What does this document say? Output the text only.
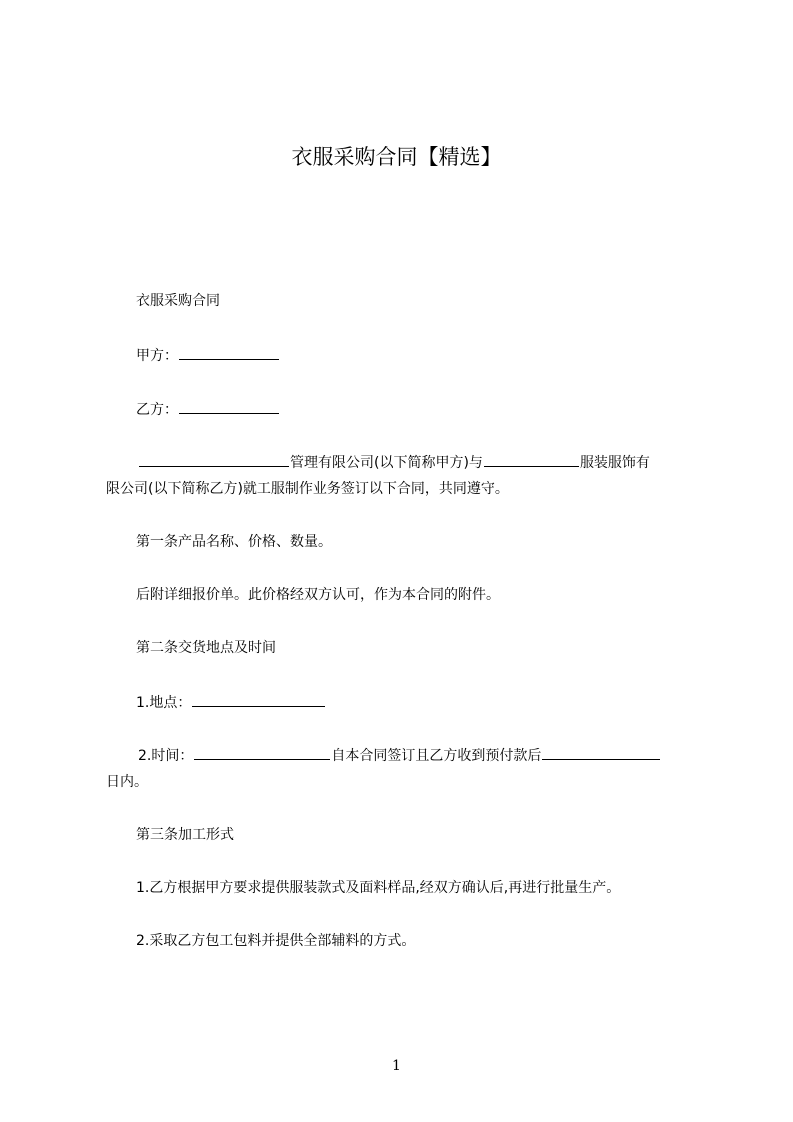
衣服采购合同【精选】
衣服采购合同
甲方：
乙方：
管理有限公司(以下简称甲方)与	服装服饰有
限公司(以下简称乙方)就工服制作业务签订以下合同，共同遵守。
第一条产品名称、价格、数量。
后附详细报价单。此价格经双方认可，作为本合同的附件。
第二条交货地点及时间
1.地点：
2.时间：	自本合同签订且乙方收到预付款后
日内。
第三条加工形式
1.乙方根据甲方要求提供服装款式及面料样品,经双方确认后,再进行批量生产。
2.采取乙方包工包料并提供全部辅料的方式。
1
